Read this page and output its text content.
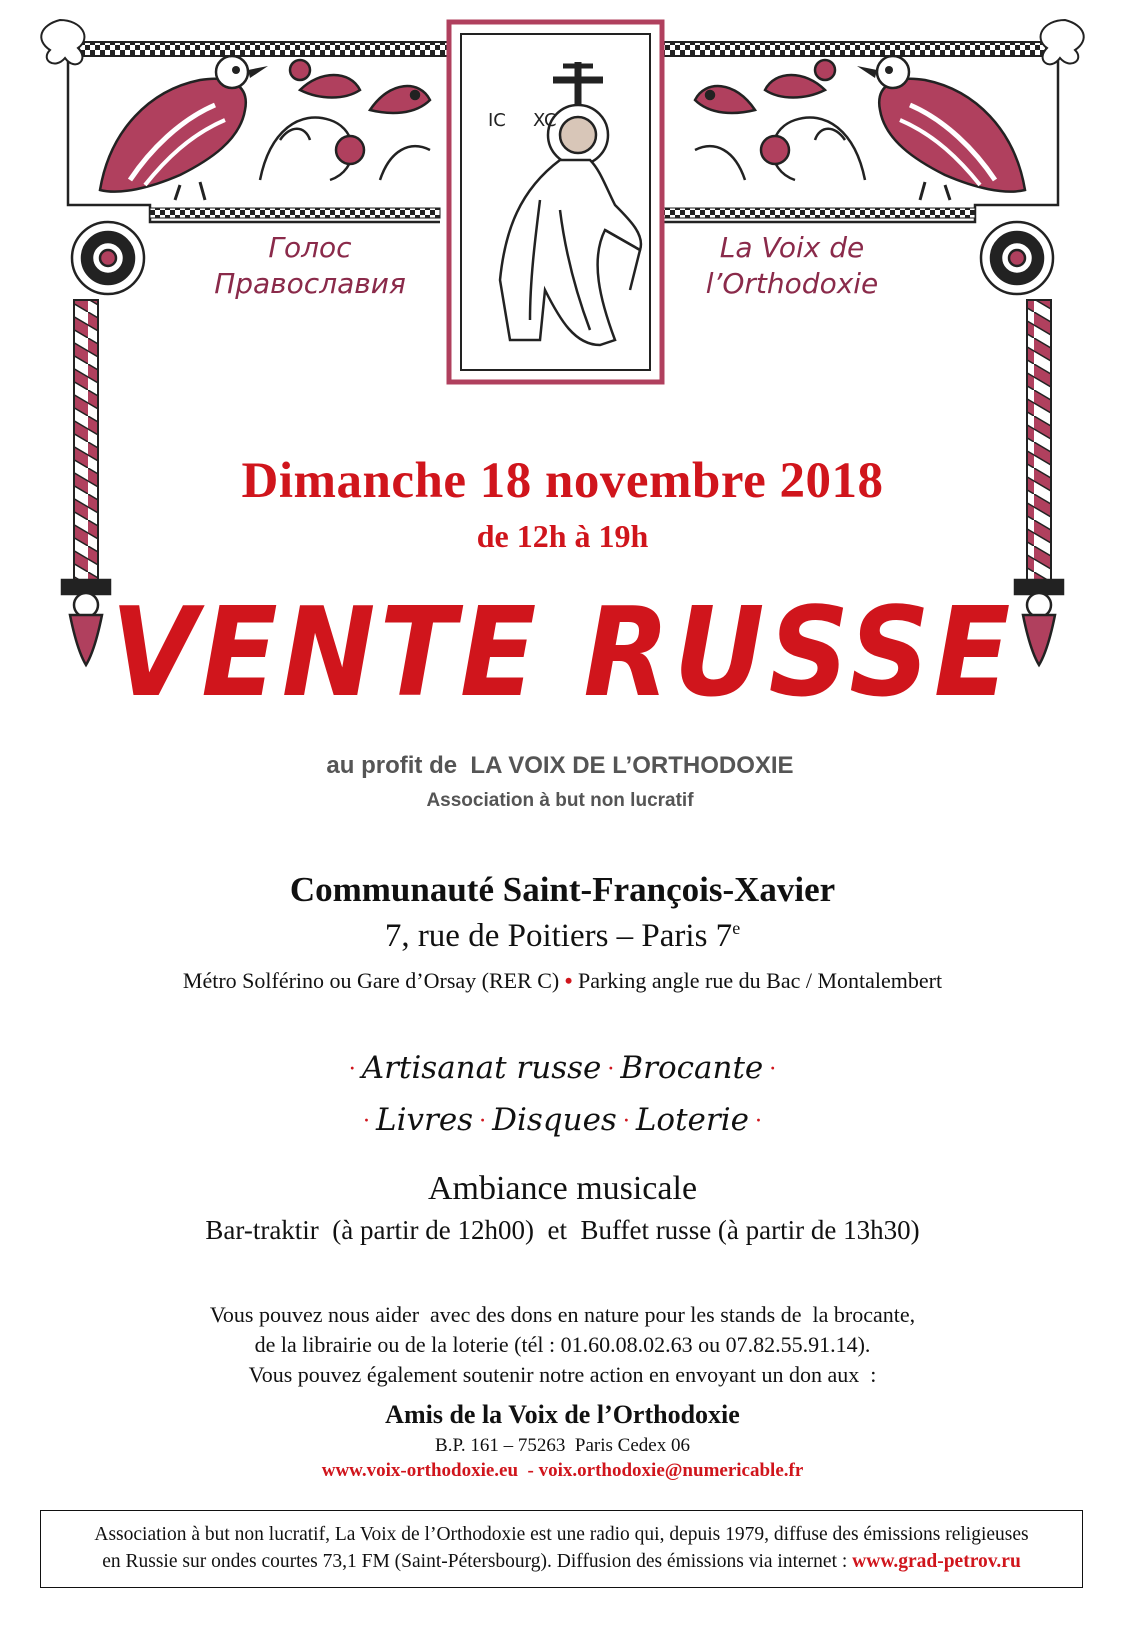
Голос
Православия
La Voix de
l’Orthodoxie
IC XC
Dimanche 18 novembre 2018
de 12h à 19h
VENTE RUSSE
au profit de LA VOIX DE L’ORTHODOXIE
Association à but non lucratif
Communauté Saint-François-Xavier
7, rue de Poitiers – Paris 7e
Métro Solférino ou Gare d’Orsay (RER C) • Parking angle rue du Bac / Montalembert
· Artisanat russe · Brocante ·
· Livres · Disques · Loterie ·
Ambiance musicale
Bar-traktir  (à partir de 12h00)  et  Buffet russe (à partir de 13h30)
Vous pouvez nous aider  avec des dons en nature pour les stands de  la brocante,
de la librairie ou de la loterie (tél : 01.60.08.02.63 ou 07.82.55.91.14).
Vous pouvez également soutenir notre action en envoyant un don aux  :
Amis de la Voix de l’Orthodoxie
B.P. 161 – 75263  Paris Cedex 06
www.voix-orthodoxie.eu  - voix.orthodoxie@numericable.fr
Association à but non lucratif, La Voix de l’Orthodoxie est une radio qui, depuis 1979, diffuse des émissions religieuses
en Russie sur ondes courtes 73,1 FM (Saint-Pétersbourg). Diffusion des émissions via internet : www.grad-petrov.ru
